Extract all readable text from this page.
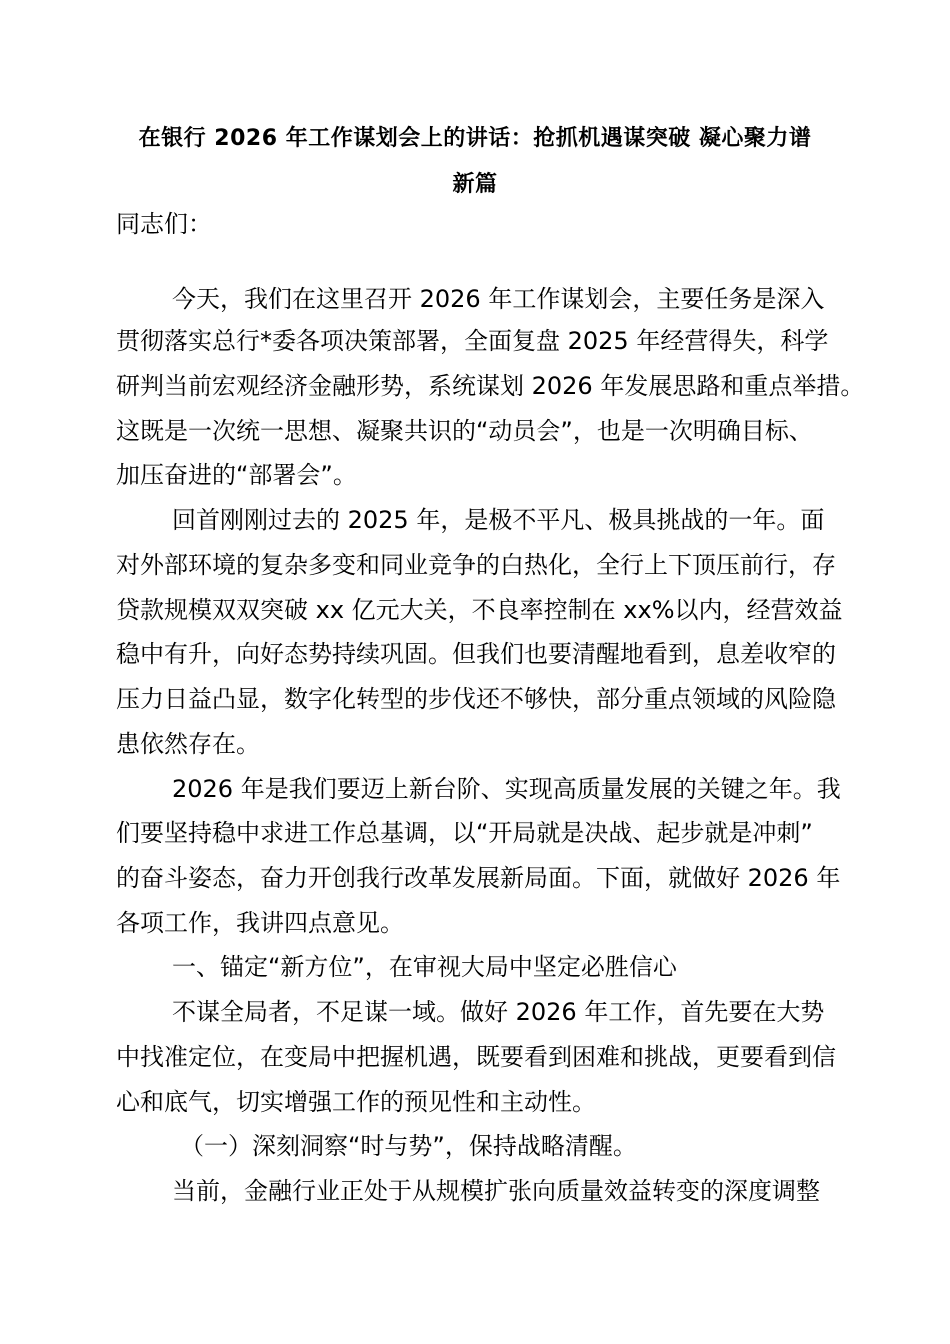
在银行 2026 年工作谋划会上的讲话：抢抓机遇谋突破 凝心聚力谱
新篇
同志们：
今天，我们在这里召开 2026 年工作谋划会，主要任务是深入
贯彻落实总行*委各项决策部署，全面复盘 2025 年经营得失，科学
研判当前宏观经济金融形势，系统谋划 2026 年发展思路和重点举措。
这既是一次统一思想、凝聚共识的“动员会”，也是一次明确目标、
加压奋进的“部署会”。
回首刚刚过去的 2025 年，是极不平凡、极具挑战的一年。面
对外部环境的复杂多变和同业竞争的白热化，全行上下顶压前行，存
贷款规模双双突破 xx 亿元大关，不良率控制在 xx%以内，经营效益
稳中有升，向好态势持续巩固。但我们也要清醒地看到，息差收窄的
压力日益凸显，数字化转型的步伐还不够快，部分重点领域的风险隐
患依然存在。
2026 年是我们要迈上新台阶、实现高质量发展的关键之年。我
们要坚持稳中求进工作总基调，以“开局就是决战、起步就是冲刺”
的奋斗姿态，奋力开创我行改革发展新局面。下面，就做好 2026 年
各项工作，我讲四点意见。
一、锚定“新方位”，在审视大局中坚定必胜信心
不谋全局者，不足谋一域。做好 2026 年工作，首先要在大势
中找准定位，在变局中把握机遇，既要看到困难和挑战，更要看到信
心和底气，切实增强工作的预见性和主动性。
（一）深刻洞察“时与势”，保持战略清醒。
当前，金融行业正处于从规模扩张向质量效益转变的深度调整
